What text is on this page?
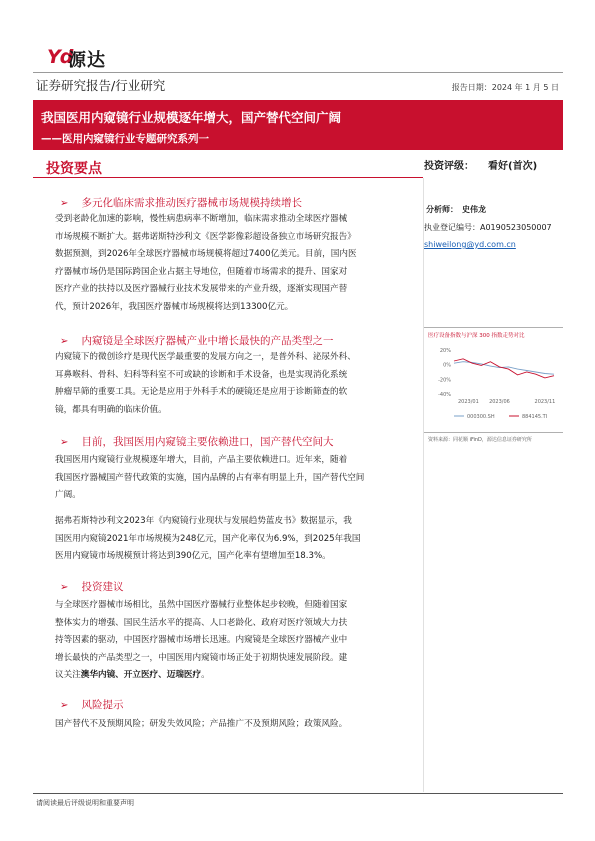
Yd
源达
证券研究报告/行业研究	报告日期：2024 年 1 月 5 日
我国医用内窥镜行业规模逐年增大，国产替代空间广阔
——医用内窥镜行业专题研究系列一
投资要点	投资评级： 看好(首次)
➢ 多元化临床需求推动医疗器械市场规模持续增长
受到老龄化加速的影响，慢性病患病率不断增加，临床需求推动全球医疗器械
市场规模不断扩大。据弗诺斯特沙利文《医学影像彩超设备独立市场研究报告》
数据预测，到2026年全球医疗器械市场规模将超过7400亿美元。目前，国内医
疗器械市场仍是国际跨国企业占据主导地位，但随着市场需求的提升、国家对
医疗产业的扶持以及医疗器械行业技术发展带来的产业升级，逐渐实现国产替
代，预计2026年，我国医疗器械市场规模将达到13300亿元。
➢ 内窥镜是全球医疗器械产业中增长最快的产品类型之一
内窥镜下的微创诊疗是现代医学最重要的发展方向之一，是普外科、泌尿外科、
耳鼻喉科、骨科、妇科等科室不可或缺的诊断和手术设备，也是实现消化系统
肿瘤早筛的重要工具。无论是应用于外科手术的硬镜还是应用于诊断筛查的软
镜，都具有明确的临床价值。
➢ 目前，我国医用内窥镜主要依赖进口，国产替代空间大
我国医用内窥镜行业规模逐年增大，目前，产品主要依赖进口。近年来，随着
我国医疗器械国产替代政策的实施，国内品牌的占有率有明显上升，国产替代空间
广阔。
据弗若斯特沙利文2023年《内窥镜行业现状与发展趋势蓝皮书》数据显示，我
国医用内窥镜2021年市场规模为248亿元，国产化率仅为6.9%，到2025年我国
医用内窥镜市场规模预计将达到390亿元，国产化率有望增加至18.3%。
➢ 投资建议
与全球医疗器械市场相比，虽然中国医疗器械行业整体起步较晚，但随着国家
整体实力的增强、国民生活水平的提高、人口老龄化、政府对医疗领域大力扶
持等因素的驱动，中国医疗器械市场增长迅速。内窥镜是全球医疗器械产业中
增长最快的产品类型之一，中国医用内窥镜市场正处于初期快速发展阶段。建
议关注澳华内镜、开立医疗、迈瑞医疗。
➢ 风险提示
国产替代不及预期风险；研发失效风险；产品推广不及预期风险；政策风险。
分析师： 史伟龙
执业登记编号：A0190523050007
shiweilong@yd.com.cn
医疗设备指数与沪深 300 指数走势对比
20%
0%
-20%
-40%
2023/01 2023/06	2023/11
000300.SH	884145.TI
资料来源：同花顺 iFinD，源达信息证券研究所
请阅读最后评级说明和重要声明
